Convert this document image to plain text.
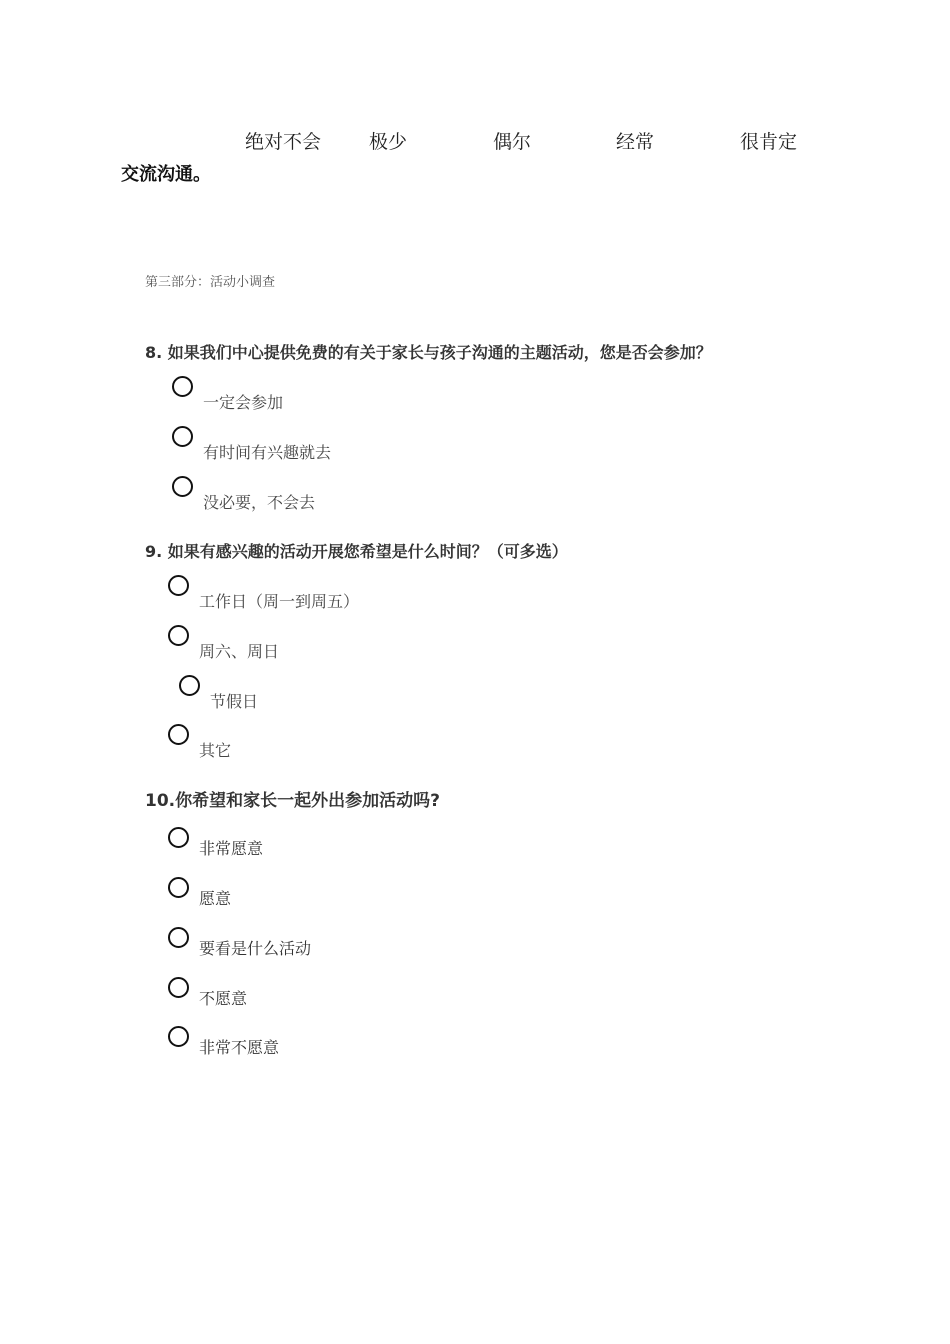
绝对不会	极少	偶尔	经常	很肯定
交流沟通。
第三部分：活动小调查
8. 如果我们中心提供免费的有关于家长与孩子沟通的主题活动，您是否会参加？
一定会参加
有时间有兴趣就去
没必要，不会去
9. 如果有感兴趣的活动开展您希望是什么时间？（可多选）
工作日（周一到周五）
周六、周日
节假日
其它
10.你希望和家长一起外出参加活动吗?
非常愿意
愿意
要看是什么活动
不愿意
非常不愿意
